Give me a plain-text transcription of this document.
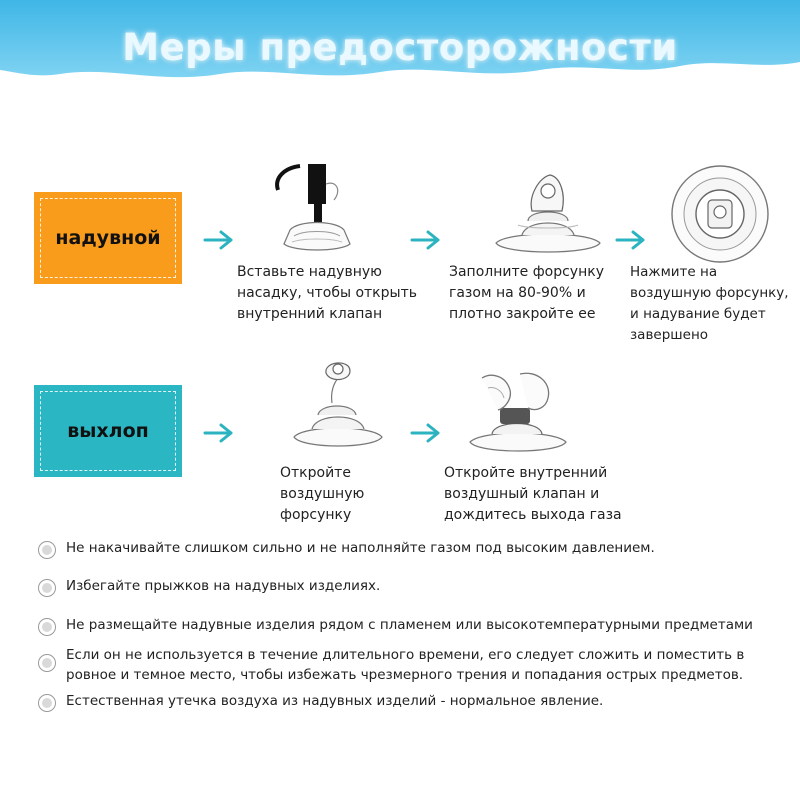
Меры предосторожности
надувной
выхлоп
Вставьте надувную насадку, чтобы открыть внутренний клапан
Заполните форсунку газом на 80-90% и плотно закройте ее
Нажмите на воздушную форсунку, и надувание будет завершено
Откройте воздушную форсунку
Откройте внутренний воздушный клапан и дождитесь выхода газа
Не накачивайте слишком сильно и не наполняйте газом под высоким давлением.
Избегайте прыжков на надувных изделиях.
Не размещайте надувные изделия рядом с пламенем или высокотемпературными предметами
Если он не используется в течение длительного времени, его следует сложить и поместить в ровное и темное место, чтобы избежать чрезмерного трения и попадания острых предметов.
Естественная утечка воздуха из надувных изделий - нормальное явление.
